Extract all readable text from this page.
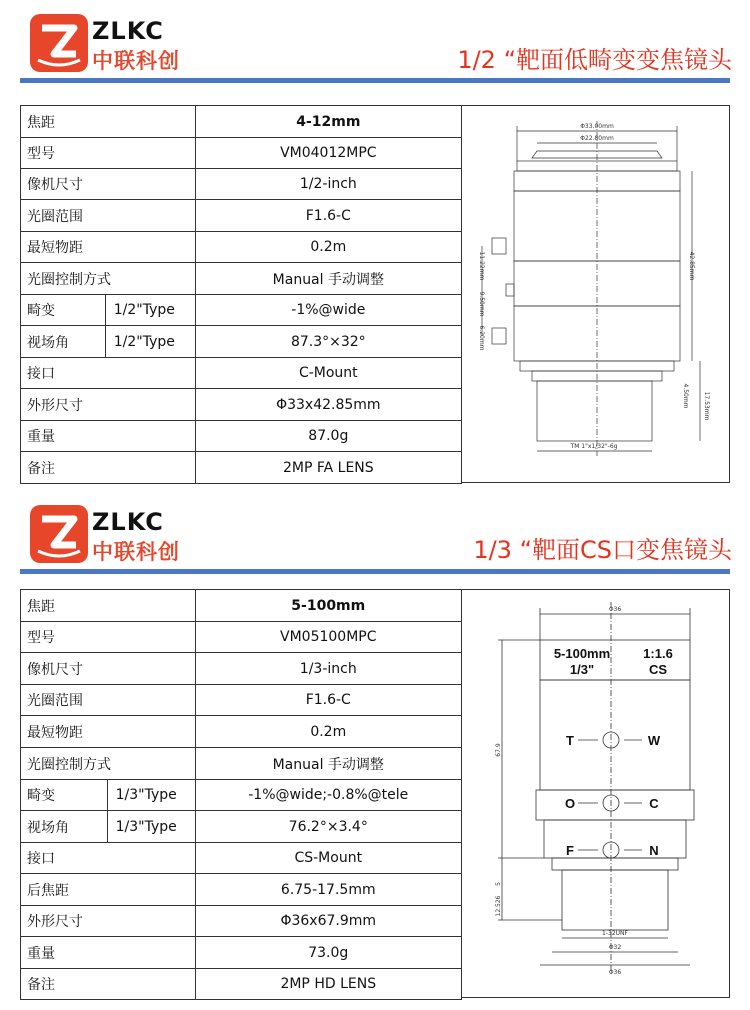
ZLKC
中联科创	1/2 “靶面低畸变变焦镜头
焦距		4-12mm
型号		VM04012MPC
像机尺寸		1/2-inch
光圈范围		F1.6-C
最短物距		0.2m
光圈控制方式		Manual 手动调整
畸变	1/2"Type	-1%@wide
视场角	1/2"Type	87.3°×32°
接口		C-Mount
外形尺寸		Φ33x42.85mm
重量		87.0g
备注		2MP FA LENS
Φ33.00mm
Φ22.80mm
42.85mm
11.22mm
9.50mm
6.20mm
17.53mm
4.50mm
TM 1"x1/32"-6g
ZLKC
中联科创	1/3 “靶面CS口变焦镜头
焦距		5-100mm
型号		VM05100MPC
像机尺寸		1/3-inch
光圈范围		F1.6-C
最短物距		0.2m
光圈控制方式		Manual 手动调整
畸变	1/3"Type	-1%@wide;-0.8%@tele
视场角	1/3"Type	76.2°×3.4°
接口		CS-Mount
后焦距		6.75-17.5mm
外形尺寸		Φ36x67.9mm
重量		73.0g
备注		2MP HD LENS
Φ36
5-100mm	1:1.6
1/3"	CS
T	W
O	C
F	N
67.9
5
12.526
1-32UNF
Φ32
Φ36
